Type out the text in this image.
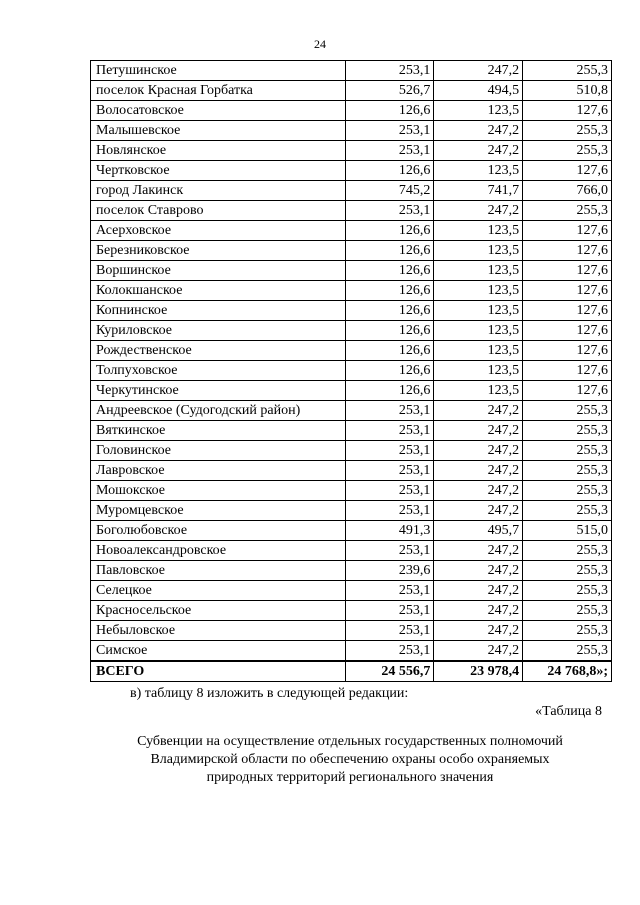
24
Петушинское	253,1	247,2	255,3
поселок Красная Горбатка	526,7	494,5	510,8
Волосатовское	126,6	123,5	127,6
Малышевское	253,1	247,2	255,3
Новлянское	253,1	247,2	255,3
Чертковское	126,6	123,5	127,6
город Лакинск	745,2	741,7	766,0
поселок Ставрово	253,1	247,2	255,3
Асерховское	126,6	123,5	127,6
Березниковское	126,6	123,5	127,6
Воршинское	126,6	123,5	127,6
Колокшанское	126,6	123,5	127,6
Копнинское	126,6	123,5	127,6
Куриловское	126,6	123,5	127,6
Рождественское	126,6	123,5	127,6
Толпуховское	126,6	123,5	127,6
Черкутинское	126,6	123,5	127,6
Андреевское (Судогодский район)	253,1	247,2	255,3
Вяткинское	253,1	247,2	255,3
Головинское	253,1	247,2	255,3
Лавровское	253,1	247,2	255,3
Мошокское	253,1	247,2	255,3
Муромцевское	253,1	247,2	255,3
Боголюбовское	491,3	495,7	515,0
Новоалександровское	253,1	247,2	255,3
Павловское	239,6	247,2	255,3
Селецкое	253,1	247,2	255,3
Красносельское	253,1	247,2	255,3
Небыловское	253,1	247,2	255,3
Симское	253,1	247,2	255,3
ВСЕГО	24 556,7	23 978,4	24 768,8»;
в) таблицу 8 изложить в следующей редакции:
«Таблица 8
Субвенции на осуществление отдельных государственных полномочий
Владимирской области по обеспечению охраны особо охраняемых
природных территорий регионального значения
